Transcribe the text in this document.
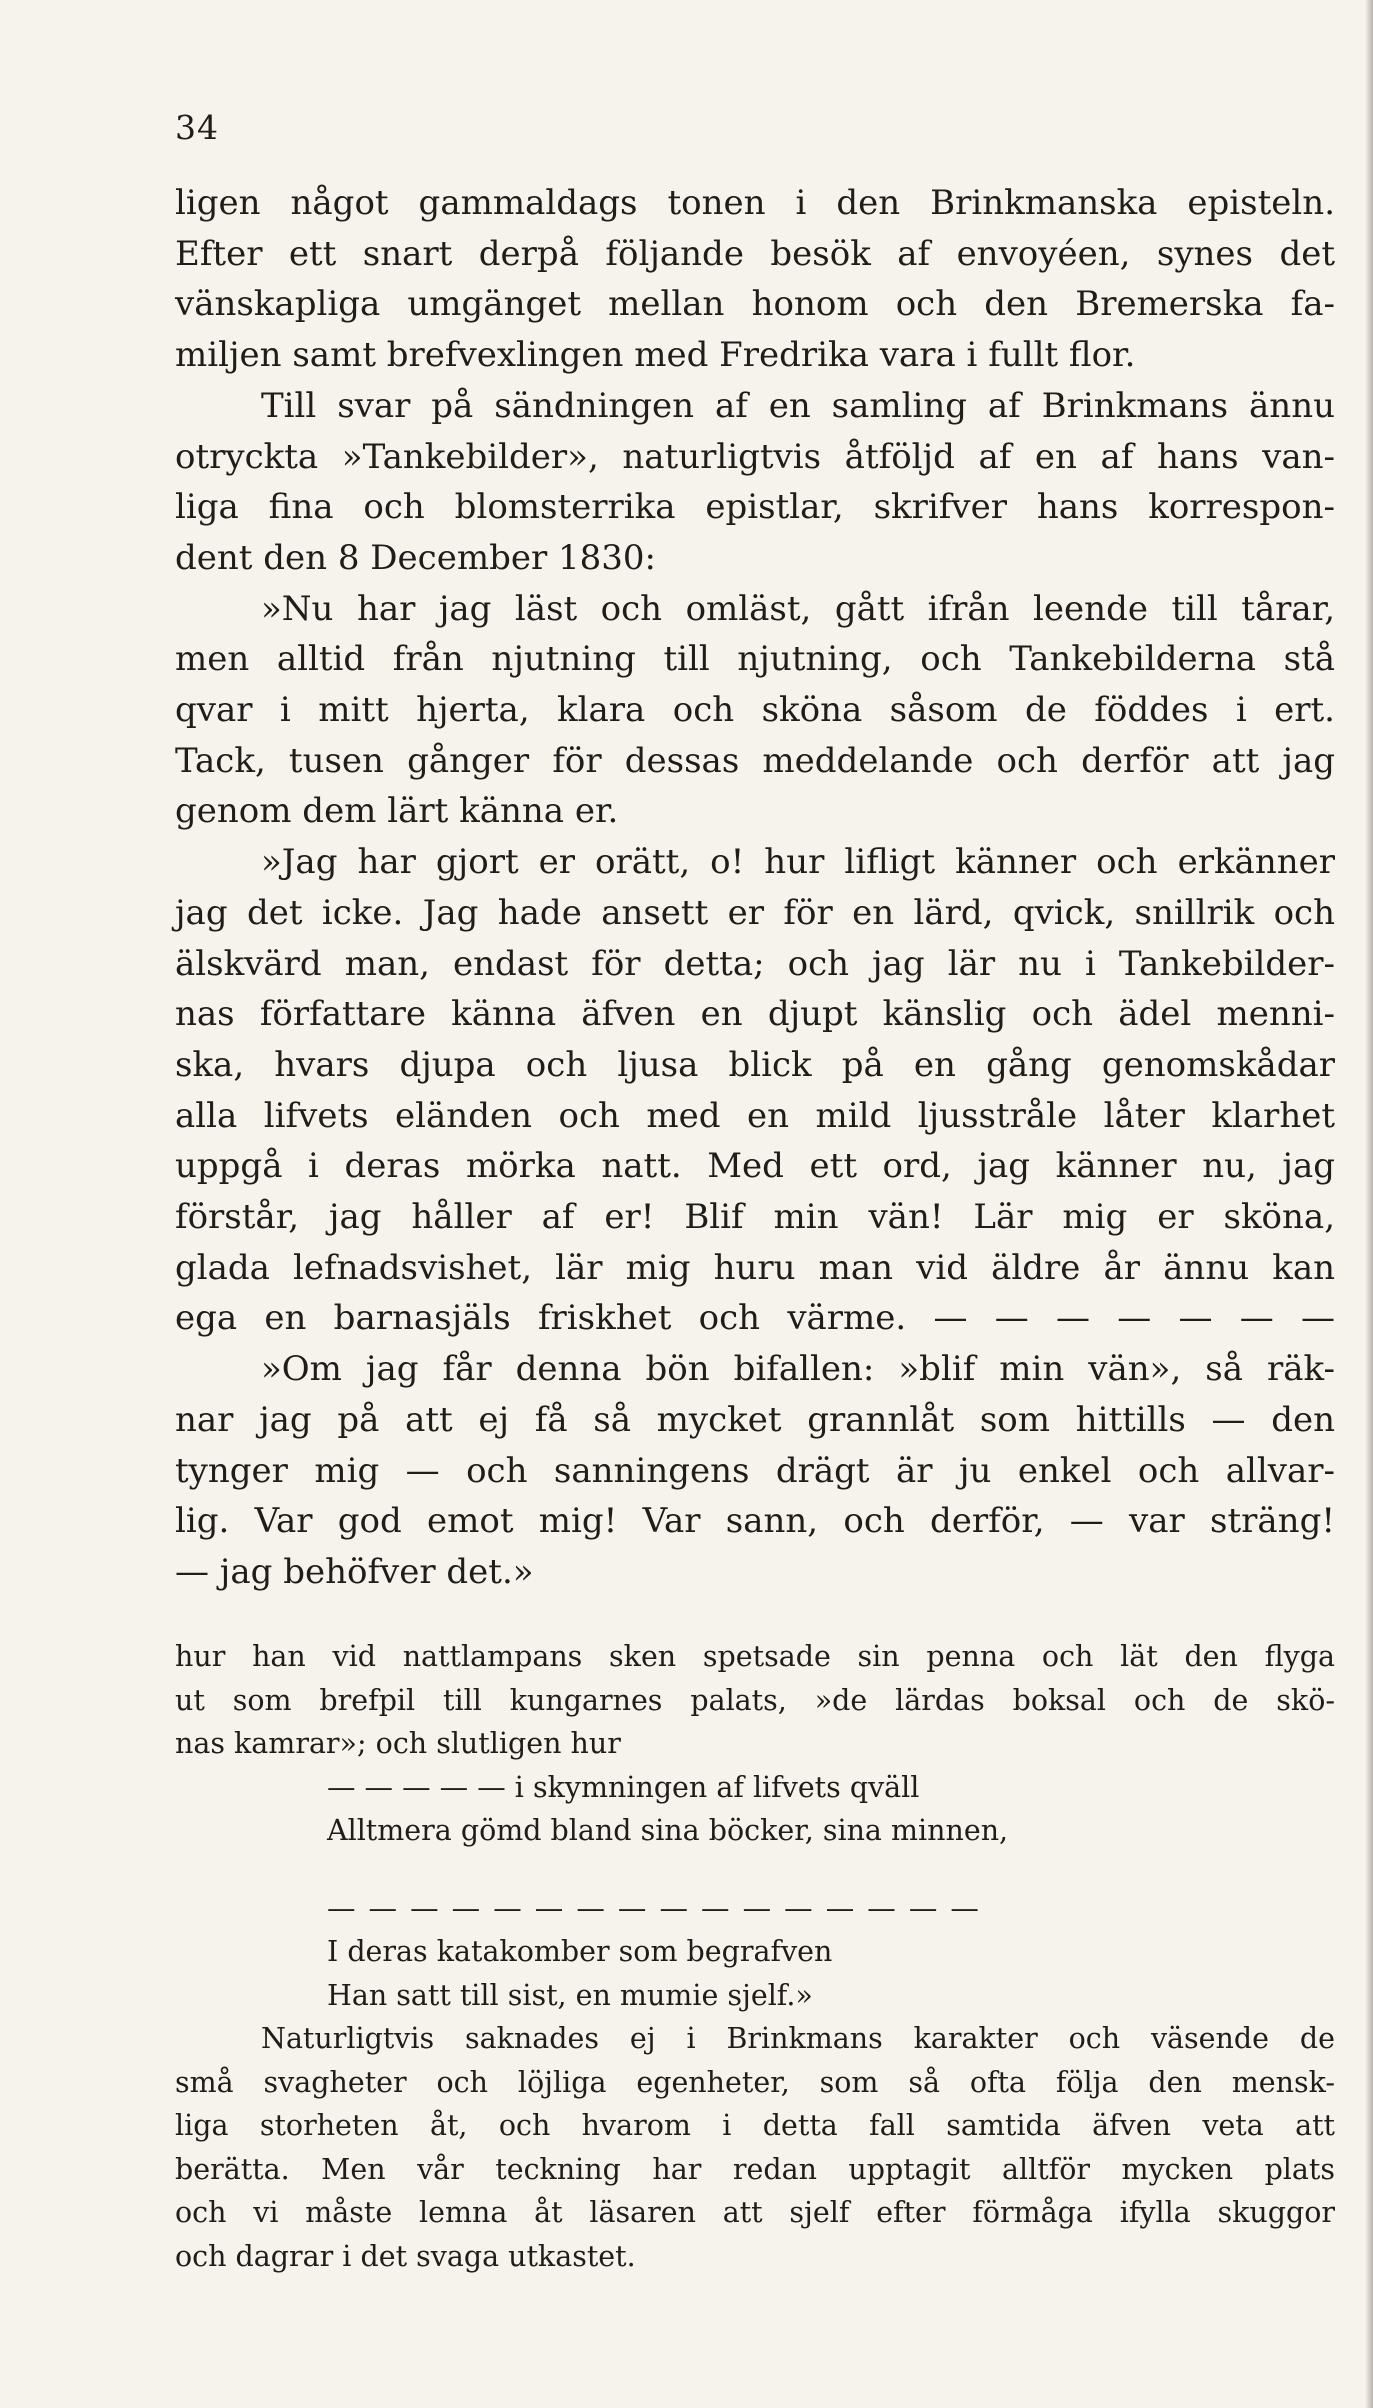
34

ligen något gammaldags tonen i den Brinkmanska episteln.
Efter ett snart derpå följande besök af envoyéen, synes det
vänskapliga umgänget mellan honom och den Bremerska fa-
miljen samt brefvexlingen med Fredrika vara i fullt flor.

Till svar på sändningen af en samling af Brinkmans ännu
otryckta »Tankebilder», naturligtvis åtföljd af en af hans van-
liga fina och blomsterrika epistlar, skrifver hans korrespon-
dent den 8 December 1830:

»Nu har jag läst och omläst, gått ifrån leende till tårar,
men alltid från njutning till njutning, och Tankebilderna stå
qvar i mitt hjerta, klara och sköna såsom de föddes i ert.
Tack, tusen gånger för dessas meddelande och derför att jag
genom dem lärt känna er.

»Jag har gjort er orätt, o! hur lifligt känner och erkänner
jag det icke. Jag hade ansett er för en lärd, qvick, snillrik och
älskvärd man, endast för detta; och jag lär nu i Tankebilder-
nas författare känna äfven en djupt känslig och ädel menni-
ska, hvars djupa och ljusa blick på en gång genomskådar
alla lifvets eländen och med en mild ljusstråle låter klarhet
uppgå i deras mörka natt. Med ett ord, jag känner nu, jag
förstår, jag håller af er! Blif min vän! Lär mig er sköna,
glada lefnadsvishet, lär mig huru man vid äldre år ännu kan
ega en barnasjäls friskhet och värme. — — — — — — —

»Om jag får denna bön bifallen: »blif min vän», så räk-
nar jag på att ej få så mycket grannlåt som hittills — den
tynger mig — och sanningens drägt är ju enkel och allvar-
lig. Var god emot mig! Var sann, och derför, — var sträng!
— jag behöfver det.»

hur han vid nattlampans sken spetsade sin penna och lät den flyga
ut som brefpil till kungarnes palats, »de lärdas boksal och de skö-
nas kamrar»; och slutligen hur

— — — — — i skymningen af lifvets qväll
Alltmera gömd bland sina böcker, sina minnen,
— — — — — — — — — — — — — — — —
I deras katakomber som begrafven
Han satt till sist, en mumie sjelf.»

Naturligtvis saknades ej i Brinkmans karakter och väsende de
små svagheter och löjliga egenheter, som så ofta följa den mensk-
liga storheten åt, och hvarom i detta fall samtida äfven veta att
berätta. Men vår teckning har redan upptagit alltför mycken plats
och vi måste lemna åt läsaren att sjelf efter förmåga ifylla skuggor
och dagrar i det svaga utkastet.
